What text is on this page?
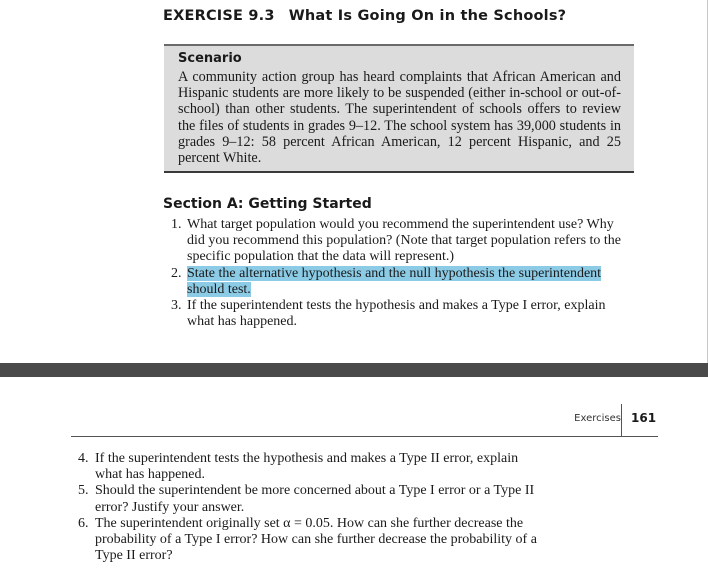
EXERCISE 9.3 What Is Going On in the Schools?
Scenario

A community action group has heard complaints that African American and Hispanic students are more likely to be suspended (either in-school or out-of-school) than other students. The superintendent of schools offers to review the files of students in grades 9–12. The school system has 39,000 students in grades 9–12: 58 percent African American, 12 percent Hispanic, and 25 percent White.

Section A: Getting Started
1. What target population would you recommend the superintendent use? Why did you recommend this population? (Note that target population refers to the specific population that the data will represent.)
2. State the alternative hypothesis and the null hypothesis the superintendent should test.
3. If the superintendent tests the hypothesis and makes a Type I error, explain what has happened.
Exercises 161
4. If the superintendent tests the hypothesis and makes a Type II error, explain what has happened.
5. Should the superintendent be more concerned about a Type I error or a Type II error? Justify your answer.
6. The superintendent originally set α = 0.05. How can she further decrease the probability of a Type I error? How can she further decrease the probability of a Type II error?
